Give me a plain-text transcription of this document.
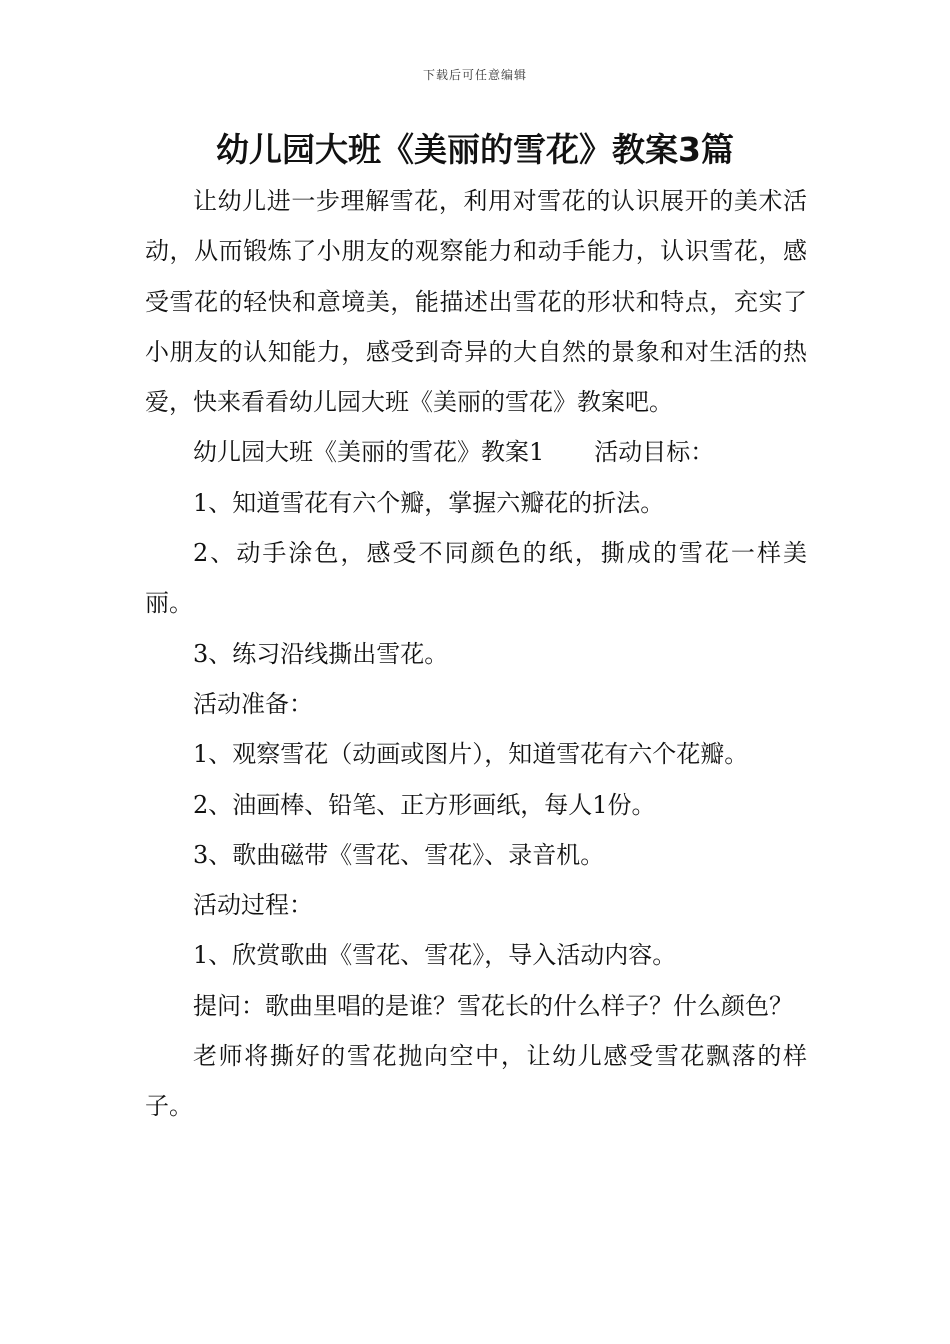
下载后可任意编辑
幼儿园大班《美丽的雪花》教案3篇

让幼儿进一步理解雪花，利用对雪花的认识展开的美术活动，从而锻炼了小朋友的观察能力和动手能力，认识雪花，感受雪花的轻快和意境美，能描述出雪花的形状和特点，充实了小朋友的认知能力，感受到奇异的大自然的景象和对生活的热爱，快来看看幼儿园大班《美丽的雪花》教案吧。

幼儿园大班《美丽的雪花》教案1 活动目标：

1、知道雪花有六个瓣，掌握六瓣花的折法。

2、动手涂色，感受不同颜色的纸，撕成的雪花一样美丽。

3、练习沿线撕出雪花。

活动准备：

1、观察雪花（动画或图片），知道雪花有六个花瓣。

2、油画棒、铅笔、正方形画纸，每人1份。

3、歌曲磁带《雪花、雪花》、录音机。

活动过程：

1、欣赏歌曲《雪花、雪花》，导入活动内容。

提问：歌曲里唱的是谁？雪花长的什么样子？什么颜色？

老师将撕好的雪花抛向空中，让幼儿感受雪花飘落的样子。
